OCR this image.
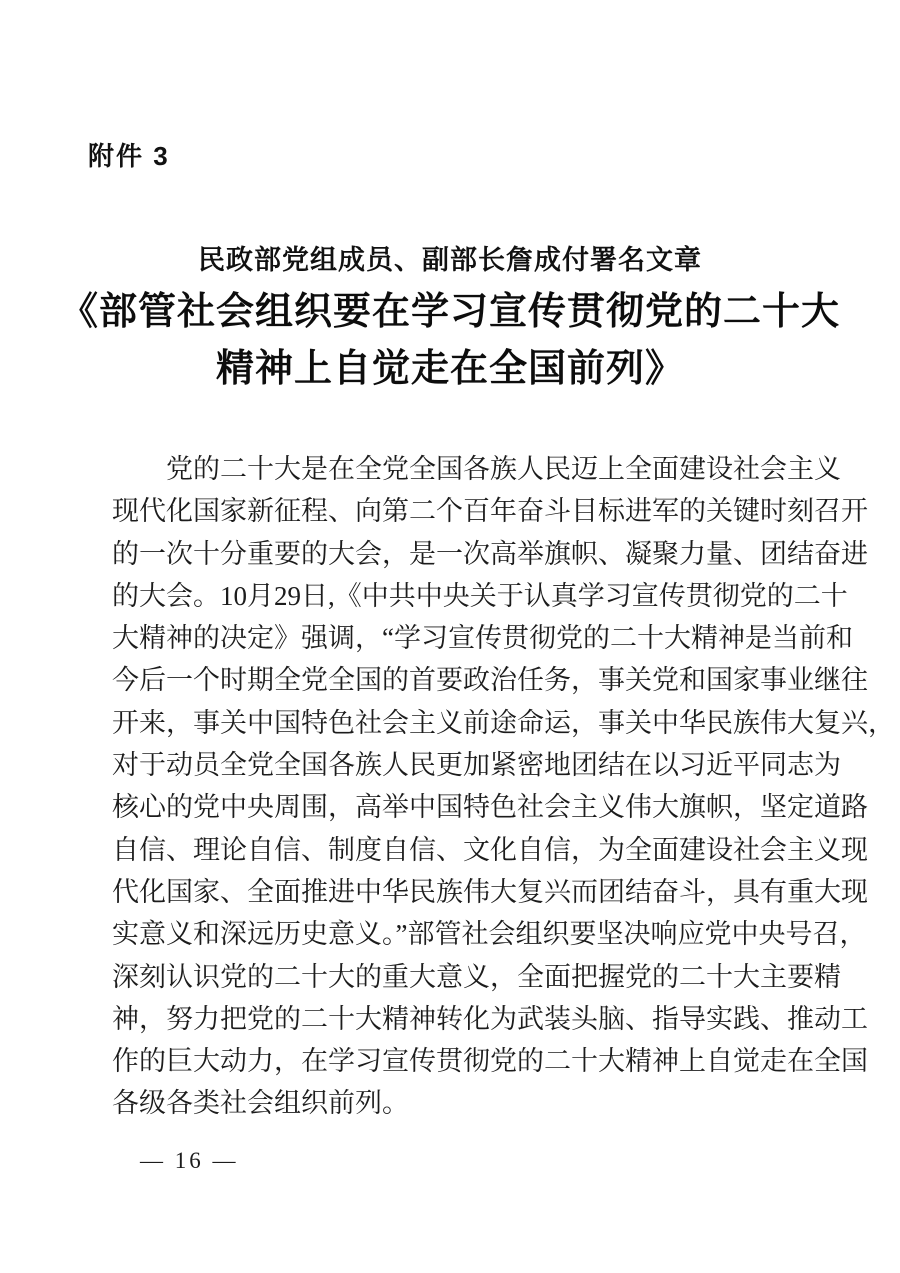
附件 3
民政部党组成员、副部长詹成付署名文章
《部管社会组织要在学习宣传贯彻党的二十大
精神上自觉走在全国前列》
党的二十大是在全党全国各族人民迈上全面建设社会主义
现代化国家新征程、向第二个百年奋斗目标进军的关键时刻召开
的一次十分重要的大会，是一次高举旗帜、凝聚力量、团结奋进
的大会。10月29日,《中共中央关于认真学习宣传贯彻党的二十
大精神的决定》强调，“学习宣传贯彻党的二十大精神是当前和
今后一个时期全党全国的首要政治任务，事关党和国家事业继往
开来，事关中国特色社会主义前途命运，事关中华民族伟大复兴，
对于动员全党全国各族人民更加紧密地团结在以习近平同志为
核心的党中央周围，高举中国特色社会主义伟大旗帜，坚定道路
自信、理论自信、制度自信、文化自信，为全面建设社会主义现
代化国家、全面推进中华民族伟大复兴而团结奋斗，具有重大现
实意义和深远历史意义。”部管社会组织要坚决响应党中央号召，
深刻认识党的二十大的重大意义，全面把握党的二十大主要精
神，努力把党的二十大精神转化为武装头脑、指导实践、推动工
作的巨大动力，在学习宣传贯彻党的二十大精神上自觉走在全国
各级各类社会组织前列。
— 16 —
